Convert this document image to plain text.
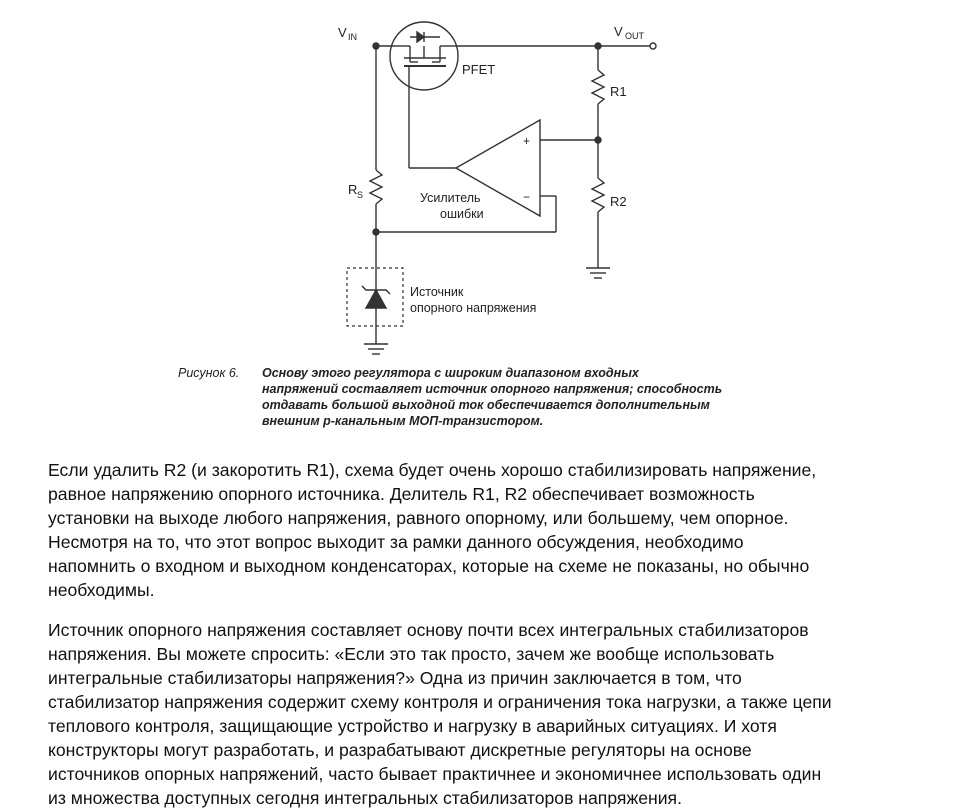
V IN	V OUT
PFET
R1
R2
+
−
Усилитель
ошибки
R S
Источник
опорного напряжения
Рисунок 6. Основу этого регулятора с широким диапазоном входных
напряжений составляет источник опорного напряжения; способность
отдавать большой выходной ток обеспечивается дополнительным
внешним p-канальным МОП-транзистором.
Если удалить R2 (и закоротить R1), схема будет очень хорошо стабилизировать напряжение,
равное напряжению опорного источника. Делитель R1, R2 обеспечивает возможность
установки на выходе любого напряжения, равного опорному, или большему, чем опорное.
Несмотря на то, что этот вопрос выходит за рамки данного обсуждения, необходимо
напомнить о входном и выходном конденсаторах, которые на схеме не показаны, но обычно
необходимы.
Источник опорного напряжения составляет основу почти всех интегральных стабилизаторов
напряжения. Вы можете спросить: «Если это так просто, зачем же вообще использовать
интегральные стабилизаторы напряжения?» Одна из причин заключается в том, что
стабилизатор напряжения содержит схему контроля и ограничения тока нагрузки, а также цепи
теплового контроля, защищающие устройство и нагрузку в аварийных ситуациях. И хотя
конструкторы могут разработать, и разрабатывают дискретные регуляторы на основе
источников опорных напряжений, часто бывает практичнее и экономичнее использовать один
из множества доступных сегодня интегральных стабилизаторов напряжения.
